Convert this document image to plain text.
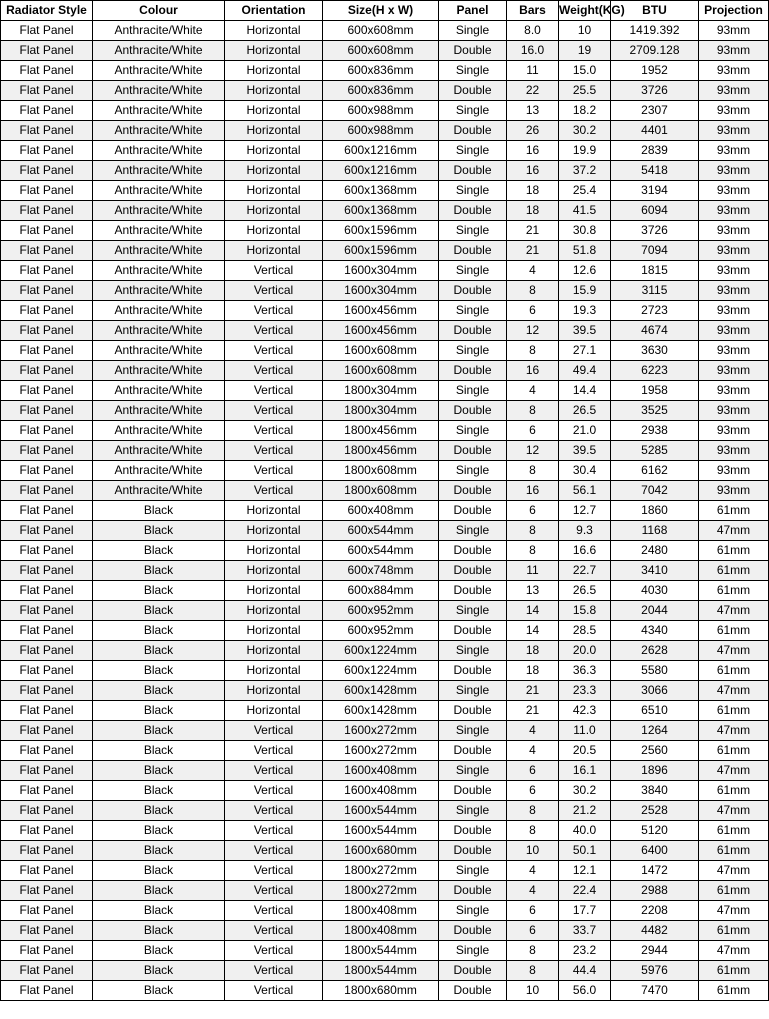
Radiator Style	Colour	Orientation	Size(H x W)	Panel	Bars	Weight(KG)	BTU	Projection
Flat Panel	Anthracite/White	Horizontal	600x608mm	Single	8.0	10	1419.392	93mm
Flat Panel	Anthracite/White	Horizontal	600x608mm	Double	16.0	19	2709.128	93mm
Flat Panel	Anthracite/White	Horizontal	600x836mm	Single	11	15.0	1952	93mm
Flat Panel	Anthracite/White	Horizontal	600x836mm	Double	22	25.5	3726	93mm
Flat Panel	Anthracite/White	Horizontal	600x988mm	Single	13	18.2	2307	93mm
Flat Panel	Anthracite/White	Horizontal	600x988mm	Double	26	30.2	4401	93mm
Flat Panel	Anthracite/White	Horizontal	600x1216mm	Single	16	19.9	2839	93mm
Flat Panel	Anthracite/White	Horizontal	600x1216mm	Double	16	37.2	5418	93mm
Flat Panel	Anthracite/White	Horizontal	600x1368mm	Single	18	25.4	3194	93mm
Flat Panel	Anthracite/White	Horizontal	600x1368mm	Double	18	41.5	6094	93mm
Flat Panel	Anthracite/White	Horizontal	600x1596mm	Single	21	30.8	3726	93mm
Flat Panel	Anthracite/White	Horizontal	600x1596mm	Double	21	51.8	7094	93mm
Flat Panel	Anthracite/White	Vertical	1600x304mm	Single	4	12.6	1815	93mm
Flat Panel	Anthracite/White	Vertical	1600x304mm	Double	8	15.9	3115	93mm
Flat Panel	Anthracite/White	Vertical	1600x456mm	Single	6	19.3	2723	93mm
Flat Panel	Anthracite/White	Vertical	1600x456mm	Double	12	39.5	4674	93mm
Flat Panel	Anthracite/White	Vertical	1600x608mm	Single	8	27.1	3630	93mm
Flat Panel	Anthracite/White	Vertical	1600x608mm	Double	16	49.4	6223	93mm
Flat Panel	Anthracite/White	Vertical	1800x304mm	Single	4	14.4	1958	93mm
Flat Panel	Anthracite/White	Vertical	1800x304mm	Double	8	26.5	3525	93mm
Flat Panel	Anthracite/White	Vertical	1800x456mm	Single	6	21.0	2938	93mm
Flat Panel	Anthracite/White	Vertical	1800x456mm	Double	12	39.5	5285	93mm
Flat Panel	Anthracite/White	Vertical	1800x608mm	Single	8	30.4	6162	93mm
Flat Panel	Anthracite/White	Vertical	1800x608mm	Double	16	56.1	7042	93mm
Flat Panel	Black	Horizontal	600x408mm	Double	6	12.7	1860	61mm
Flat Panel	Black	Horizontal	600x544mm	Single	8	9.3	1168	47mm
Flat Panel	Black	Horizontal	600x544mm	Double	8	16.6	2480	61mm
Flat Panel	Black	Horizontal	600x748mm	Double	11	22.7	3410	61mm
Flat Panel	Black	Horizontal	600x884mm	Double	13	26.5	4030	61mm
Flat Panel	Black	Horizontal	600x952mm	Single	14	15.8	2044	47mm
Flat Panel	Black	Horizontal	600x952mm	Double	14	28.5	4340	61mm
Flat Panel	Black	Horizontal	600x1224mm	Single	18	20.0	2628	47mm
Flat Panel	Black	Horizontal	600x1224mm	Double	18	36.3	5580	61mm
Flat Panel	Black	Horizontal	600x1428mm	Single	21	23.3	3066	47mm
Flat Panel	Black	Horizontal	600x1428mm	Double	21	42.3	6510	61mm
Flat Panel	Black	Vertical	1600x272mm	Single	4	11.0	1264	47mm
Flat Panel	Black	Vertical	1600x272mm	Double	4	20.5	2560	61mm
Flat Panel	Black	Vertical	1600x408mm	Single	6	16.1	1896	47mm
Flat Panel	Black	Vertical	1600x408mm	Double	6	30.2	3840	61mm
Flat Panel	Black	Vertical	1600x544mm	Single	8	21.2	2528	47mm
Flat Panel	Black	Vertical	1600x544mm	Double	8	40.0	5120	61mm
Flat Panel	Black	Vertical	1600x680mm	Double	10	50.1	6400	61mm
Flat Panel	Black	Vertical	1800x272mm	Single	4	12.1	1472	47mm
Flat Panel	Black	Vertical	1800x272mm	Double	4	22.4	2988	61mm
Flat Panel	Black	Vertical	1800x408mm	Single	6	17.7	2208	47mm
Flat Panel	Black	Vertical	1800x408mm	Double	6	33.7	4482	61mm
Flat Panel	Black	Vertical	1800x544mm	Single	8	23.2	2944	47mm
Flat Panel	Black	Vertical	1800x544mm	Double	8	44.4	5976	61mm
Flat Panel	Black	Vertical	1800x680mm	Double	10	56.0	7470	61mm
